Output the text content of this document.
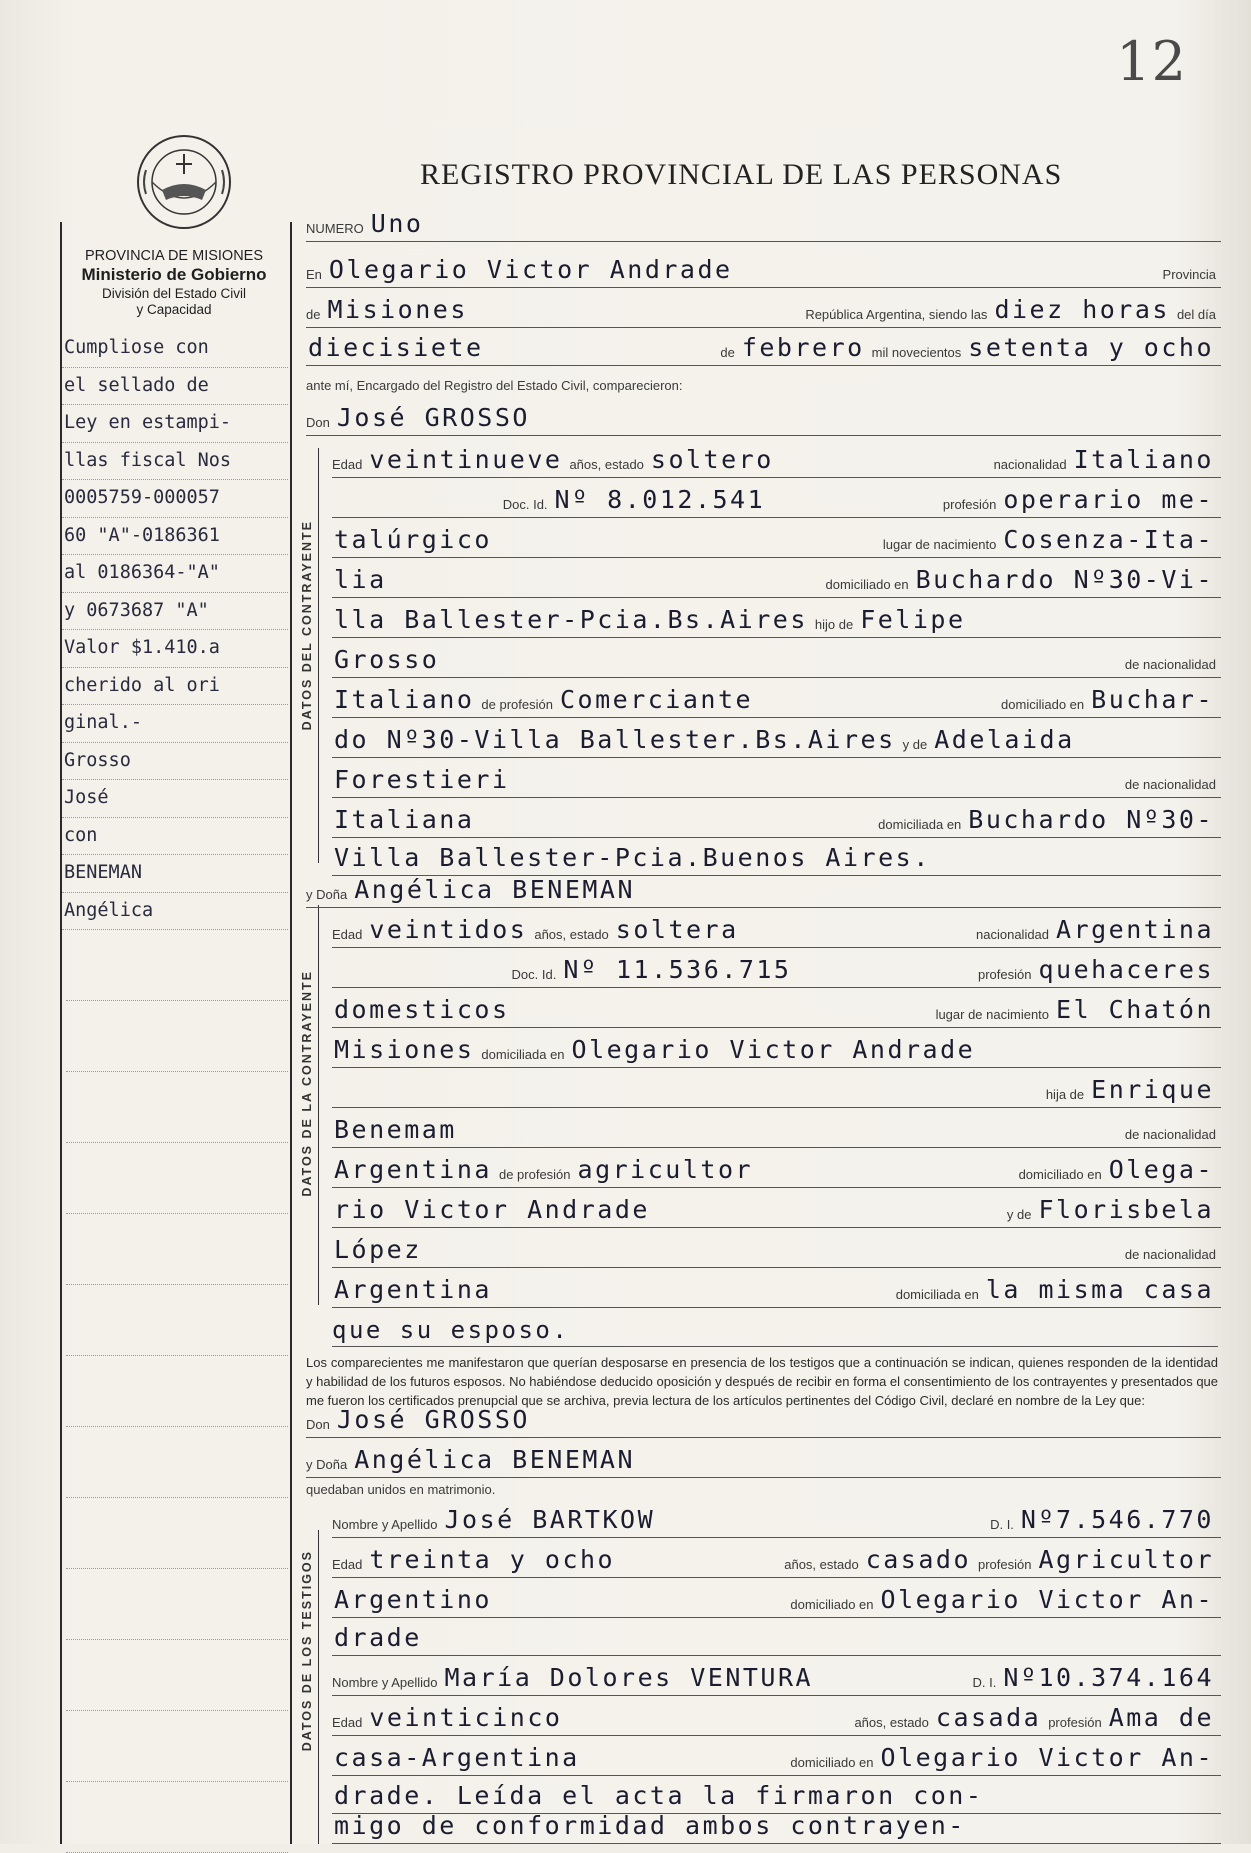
12
REGISTRO PROVINCIAL DE LAS PERSONAS
PROVINCIA DE MISIONES
Ministerio de Gobierno
División del Estado Civil
y Capacidad
DATOS DEL CONTRAYENTE
DATOS DE LA CONTRAYENTE
DATOS DE LOS TESTIGOS
Cumpliose con
el sellado de
Ley en estampi-
llas fiscal Nos
0005759-000057
60 "A"-0186361
al 0186364-"A"
y 0673687 "A"
Valor $1.410.a
cherido al ori
ginal.-
Grosso
José
con
BENEMAN
Angélica
NUMERO Uno
En Olegario Victor Andrade	Provincia
de Misiones	República Argentina, siendo las diez horas del día
diecisiete	de febrero mil novecientos setenta y ocho
ante mí, Encargado del Registro del Estado Civil, comparecieron:
Don José GROSSO
Edad veintinueve años, estado soltero	nacionalidad Italiano
Doc. Id. Nº 8.012.541	profesión operario me-
talúrgico	lugar de nacimiento Cosenza-Ita-
lia	domiciliado en Buchardo Nº30-Vi-
lla Ballester-Pcia.Bs.Aires hijo de Felipe
Grosso	de nacionalidad
Italiano de profesión Comerciante	domiciliado en Buchar-
do Nº30-Villa Ballester.Bs.Aires y de Adelaida
Forestieri	de nacionalidad
Italiana	domiciliada en Buchardo Nº30-
Villa Ballester-Pcia.Buenos Aires.
y Doña Angélica BENEMAN
Edad veintidos años, estado soltera	nacionalidad Argentina
Doc. Id. Nº 11.536.715	profesión quehaceres
domesticos	lugar de nacimiento El Chatón
Misiones domiciliada en Olegario Victor Andrade
hija de Enrique
Benemam	de nacionalidad
Argentina de profesión agricultor	domiciliado en Olega-
rio Victor Andrade	y de Florisbela
López	de nacionalidad
Argentina	domiciliada en la misma casa
que su esposo.
Los comparecientes me manifestaron que querían desposarse en presencia de los testigos que a continuación se indican, quienes responden de la identidad y habilidad de los futuros esposos. No habiéndose deducido oposición y después de recibir en forma el consentimiento de los contrayentes y presentados que me fueron los certificados prenupcial que se archiva, previa lectura de los artículos pertinentes del Código Civil, declaré en nombre de la Ley que:
Don José GROSSO
y Doña Angélica BENEMAN
quedaban unidos en matrimonio.
Nombre y Apellido José BARTKOW	D. I. Nº7.546.770
Edad treinta y ocho	años, estado casado profesión Agricultor
Argentino	domiciliado en Olegario Victor An-
drade
Nombre y Apellido María Dolores VENTURA	D. I. Nº10.374.164
Edad veinticinco	años, estado casada profesión Ama de
casa-Argentina	domiciliado en Olegario Victor An-
drade. Leída el acta la firmaron con-
migo de conformidad ambos contrayen-
